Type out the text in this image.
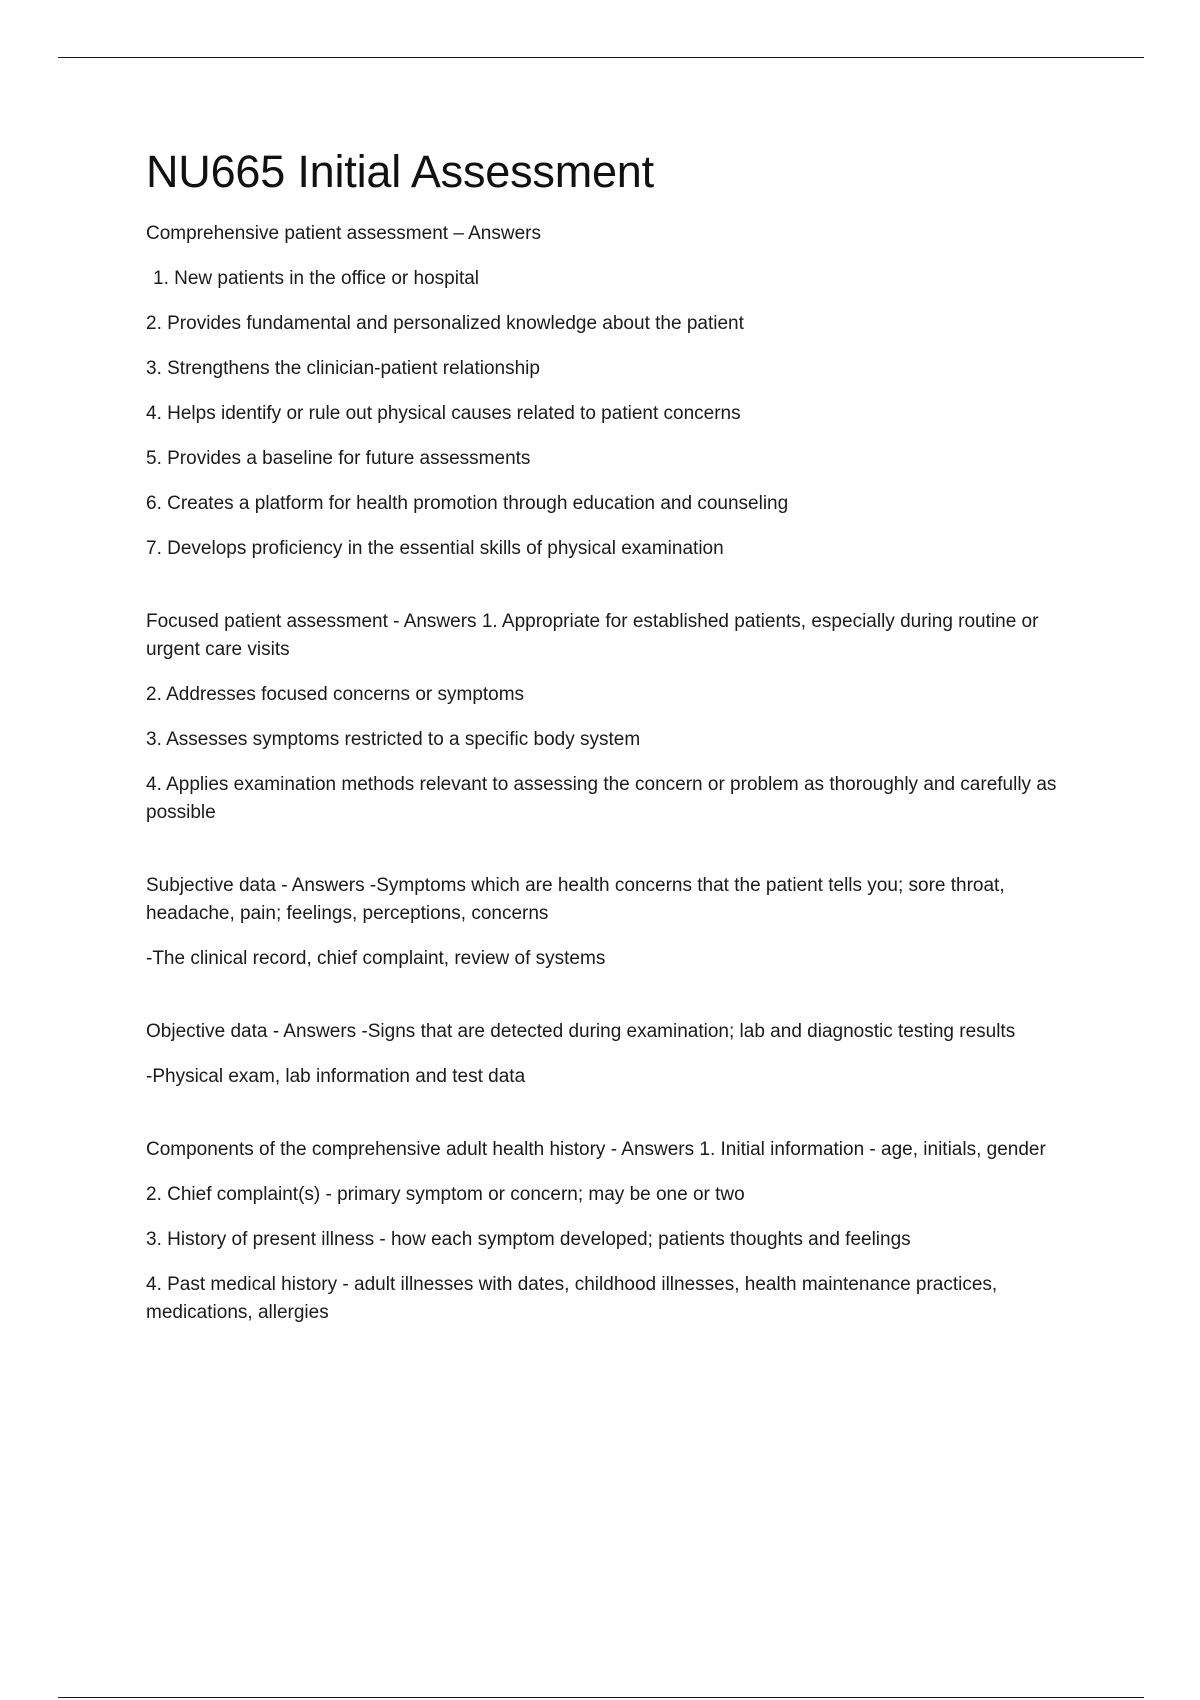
NU665 Initial Assessment

Comprehensive patient assessment – Answers

1. New patients in the office or hospital

2. Provides fundamental and personalized knowledge about the patient

3. Strengthens the clinician-patient relationship

4. Helps identify or rule out physical causes related to patient concerns

5. Provides a baseline for future assessments

6. Creates a platform for health promotion through education and counseling

7. Develops proficiency in the essential skills of physical examination

Focused patient assessment - Answers 1. Appropriate for established patients, especially during routine or urgent care visits

2. Addresses focused concerns or symptoms

3. Assesses symptoms restricted to a specific body system

4. Applies examination methods relevant to assessing the concern or problem as thoroughly and carefully as possible

Subjective data - Answers -Symptoms which are health concerns that the patient tells you; sore throat, headache, pain; feelings, perceptions, concerns

-The clinical record, chief complaint, review of systems

Objective data - Answers -Signs that are detected during examination; lab and diagnostic testing results

-Physical exam, lab information and test data

Components of the comprehensive adult health history - Answers 1. Initial information - age, initials, gender

2. Chief complaint(s) - primary symptom or concern; may be one or two

3. History of present illness - how each symptom developed; patients thoughts and feelings

4. Past medical history - adult illnesses with dates, childhood illnesses, health maintenance practices, medications, allergies
